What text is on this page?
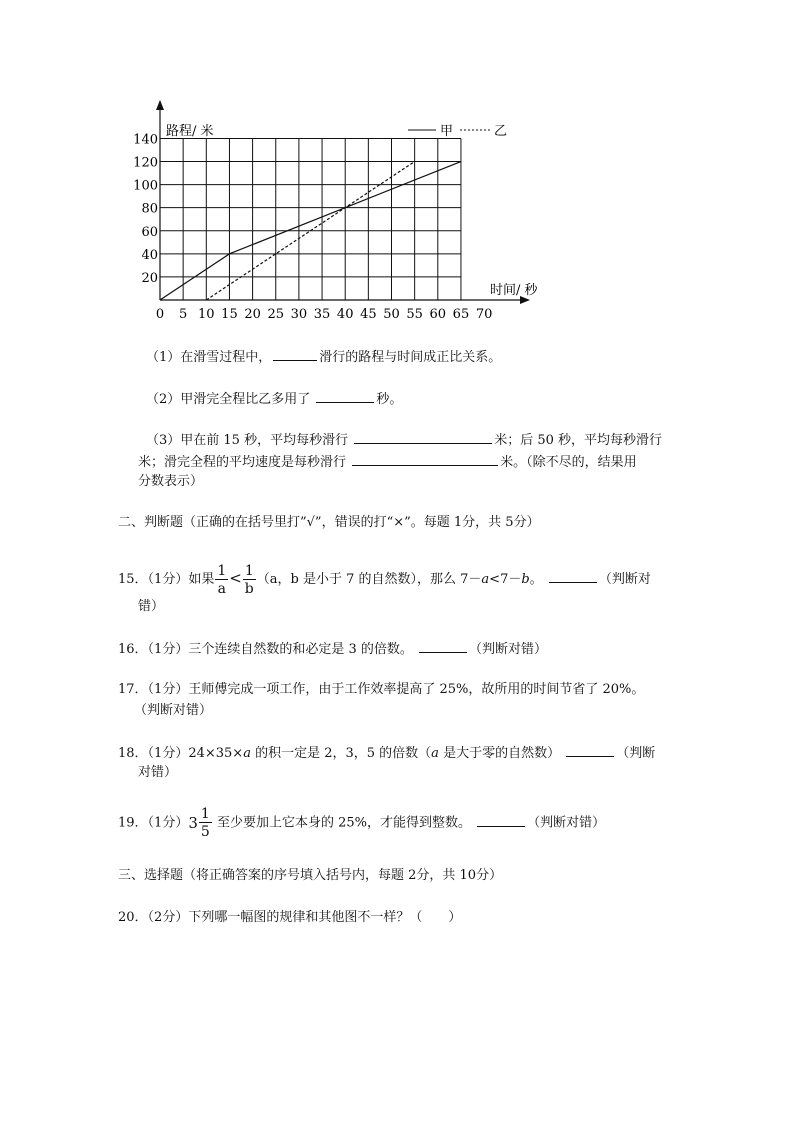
0 5 10 15 20 25 30 35 40 45 50 55 60 65 70
20
40
60
80
100
120
140
路程/ 米
时间/ 秒
甲	乙
（1）在滑雪过程中，	滑行的路程与时间成正比关系。
（2）甲滑完全程比乙多用了	秒。
（3）甲在前 15 秒，平均每秒滑行	米；后 50 秒，平均每秒滑行
米；滑完全程的平均速度是每秒滑行	米。（除不尽的，结果用
分数表示）
二、判断题（正确的在括号里打”√”，错误的打“×”。每题 1分，共 5分）
15．（1分）如果 $\frac{1}{a} < \frac{1}{b} (a$，b 是小于 7 的自然数），那么 7－a<7－b。	（判断对
错）
16．（1分）三个连续自然数的和必定是 3 的倍数。	（判断对错）
17．（1分）王师傅完成一项工作，由于工作效率提高了 25%，故所用的时间节省了 20%。
（判断对错）
18．（1分）24×35×a 的积一定是 2，3，5 的倍数（a 是大于零的自然数）	（判断
对错）
19．（1分）$3 \frac{1}{5}$ 至少要加上它本身的 25%，才能得到整数。	（判断对错）
三、选择题（将正确答案的序号填入括号内，每题 2分，共 10分）
20．（2分）下列哪一幅图的规律和其他图不一样？（　　）
